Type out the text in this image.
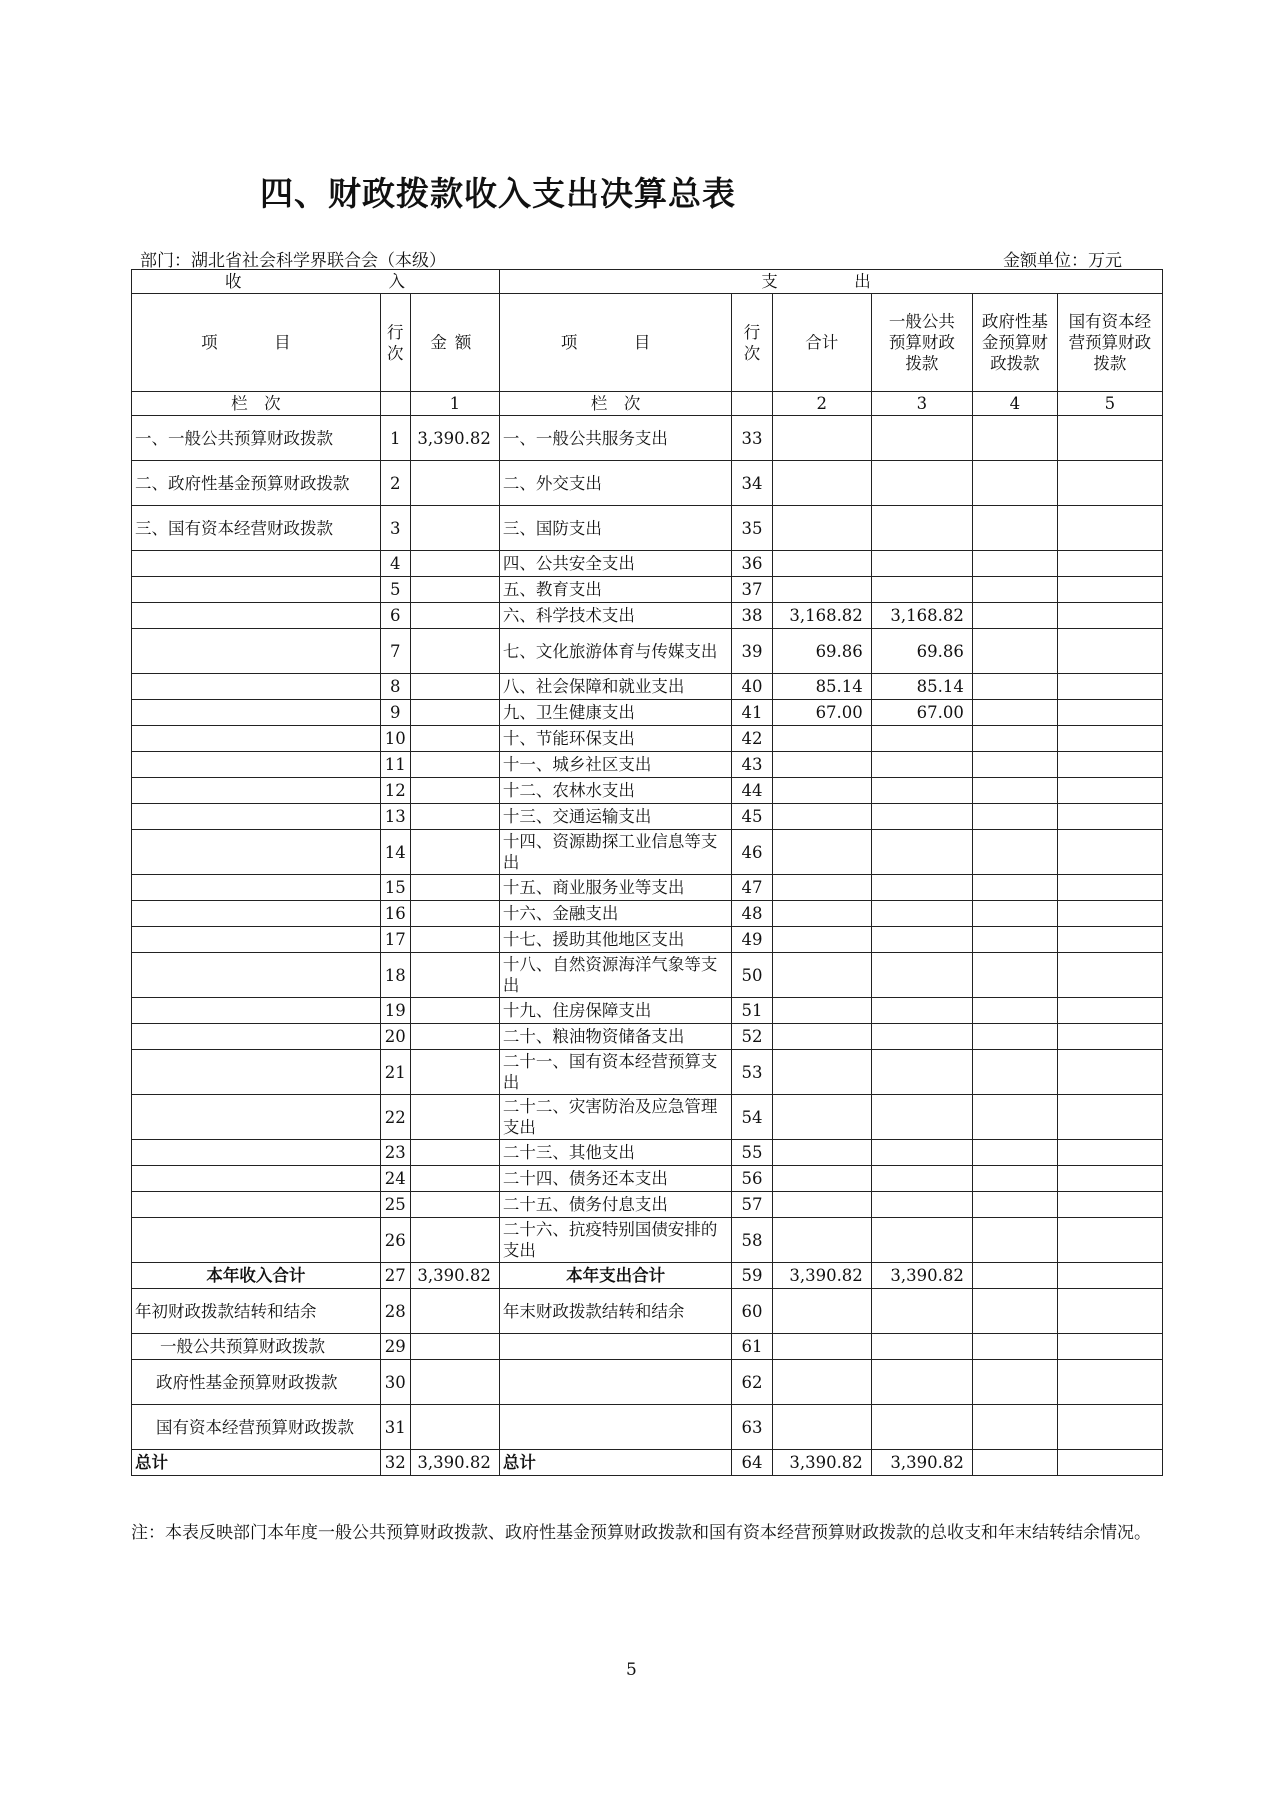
四、财政拨款收入支出决算总表
部门：湖北省社会科学界联合会（本级）	金额单位：万元
收　　入			支　出					
项　目	行次	金额	项　目	行次	合计	一般公共预算财政拨款	政府性基金预算财政拨款	国有资本经营预算财政拨款
栏　次		1	栏　次		2	3	4	5
一、一般公共预算财政拨款	1	3,390.82	一、一般公共服务支出	33				
二、政府性基金预算财政拨款	2		二、外交支出	34				
三、国有资本经营财政拨款	3		三、国防支出	35				
	4		四、公共安全支出	36				
	5		五、教育支出	37				
	6		六、科学技术支出	38	3,168.82	3,168.82		
	7		七、文化旅游体育与传媒支出	39	69.86	69.86		
	8		八、社会保障和就业支出	40	85.14	85.14		
	9		九、卫生健康支出	41	67.00	67.00		
	10		十、节能环保支出	42				
	11		十一、城乡社区支出	43				
	12		十二、农林水支出	44				
	13		十三、交通运输支出	45				
	14		十四、资源勘探工业信息等支出	46				
	15		十五、商业服务业等支出	47				
	16		十六、金融支出	48				
	17		十七、援助其他地区支出	49				
	18		十八、自然资源海洋气象等支出	50				
	19		十九、住房保障支出	51				
	20		二十、粮油物资储备支出	52				
	21		二十一、国有资本经营预算支出	53				
	22		二十二、灾害防治及应急管理支出	54				
	23		二十三、其他支出	55				
	24		二十四、债务还本支出	56				
	25		二十五、债务付息支出	57				
	26		二十六、抗疫特别国债安排的支出	58				
本年收入合计	27	3,390.82	本年支出合计	59	3,390.82	3,390.82		
年初财政拨款结转和结余	28		年末财政拨款结转和结余	60				
一般公共预算财政拨款	29			61				
政府性基金预算财政拨款	30			62				
国有资本经营预算财政拨款	31			63				
总计	32	3,390.82	总计	64	3,390.82	3,390.82		
注：本表反映部门本年度一般公共预算财政拨款、政府性基金预算财政拨款和国有资本经营预算财政拨款的总收支和年末结转结余情况。
5
